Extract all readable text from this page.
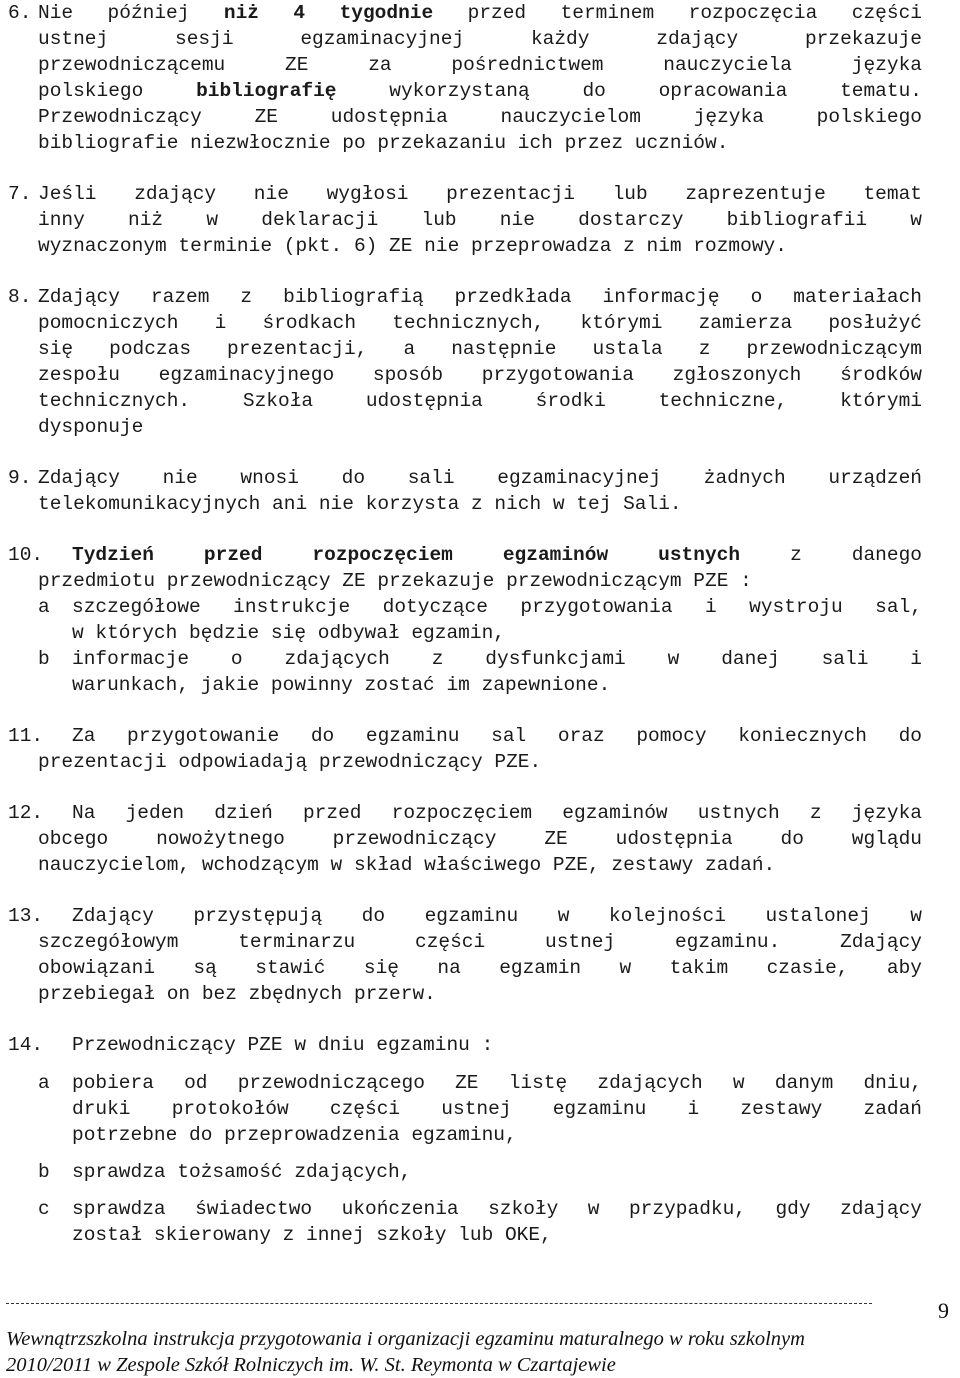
6. Nie później niż 4 tygodnie przed terminem rozpoczęcia części
ustnej sesji egzaminacyjnej każdy zdający przekazuje
przewodniczącemu ZE za pośrednictwem nauczyciela języka
polskiego bibliografię wykorzystaną do opracowania tematu.
Przewodniczący ZE udostępnia nauczycielom języka polskiego
bibliografie niezwłocznie po przekazaniu ich przez uczniów.
7. Jeśli zdający nie wygłosi prezentacji lub zaprezentuje temat
inny niż w deklaracji lub nie dostarczy bibliografii w
wyznaczonym terminie (pkt. 6) ZE nie przeprowadza z nim rozmowy.
8. Zdający razem z bibliografią przedkłada informację o materiałach
pomocniczych i środkach technicznych, którymi zamierza posłużyć
się podczas prezentacji, a następnie ustala z przewodniczącym
zespołu egzaminacyjnego sposób przygotowania zgłoszonych środków
technicznych. Szkoła udostępnia środki techniczne, którymi
dysponuje
9. Zdający nie wnosi do sali egzaminacyjnej żadnych urządzeń
telekomunikacyjnych ani nie korzysta z nich w tej Sali.
10. Tydzień przed rozpoczęciem egzaminów ustnych z danego
przedmiotu przewodniczący ZE przekazuje przewodniczącym PZE :
a szczegółowe instrukcje dotyczące przygotowania i wystroju sal,
w których będzie się odbywał egzamin,
b informacje o zdających z dysfunkcjami w danej sali i
warunkach, jakie powinny zostać im zapewnione.
11. Za przygotowanie do egzaminu sal oraz pomocy koniecznych do
prezentacji odpowiadają przewodniczący PZE.
12. Na jeden dzień przed rozpoczęciem egzaminów ustnych z języka
obcego nowożytnego przewodniczący ZE udostępnia do wglądu
nauczycielom, wchodzącym w skład właściwego PZE, zestawy zadań.
13. Zdający przystępują do egzaminu w kolejności ustalonej w
szczegółowym terminarzu części ustnej egzaminu. Zdający
obowiązani są stawić się na egzamin w takim czasie, aby
przebiegał on bez zbędnych przerw.
14. Przewodniczący PZE w dniu egzaminu :
a pobiera od przewodniczącego ZE listę zdających w danym dniu,
druki protokołów części ustnej egzaminu i zestawy zadań
potrzebne do przeprowadzenia egzaminu,
b sprawdza tożsamość zdających,
c sprawdza świadectwo ukończenia szkoły w przypadku, gdy zdający
został skierowany z innej szkoły lub OKE,
Wewnątrzszkolna instrukcja przygotowania i organizacji egzaminu maturalnego w roku szkolnym
2010/2011 w Zespole Szkół Rolniczych im. W. St. Reymonta w Czartajewie
9
